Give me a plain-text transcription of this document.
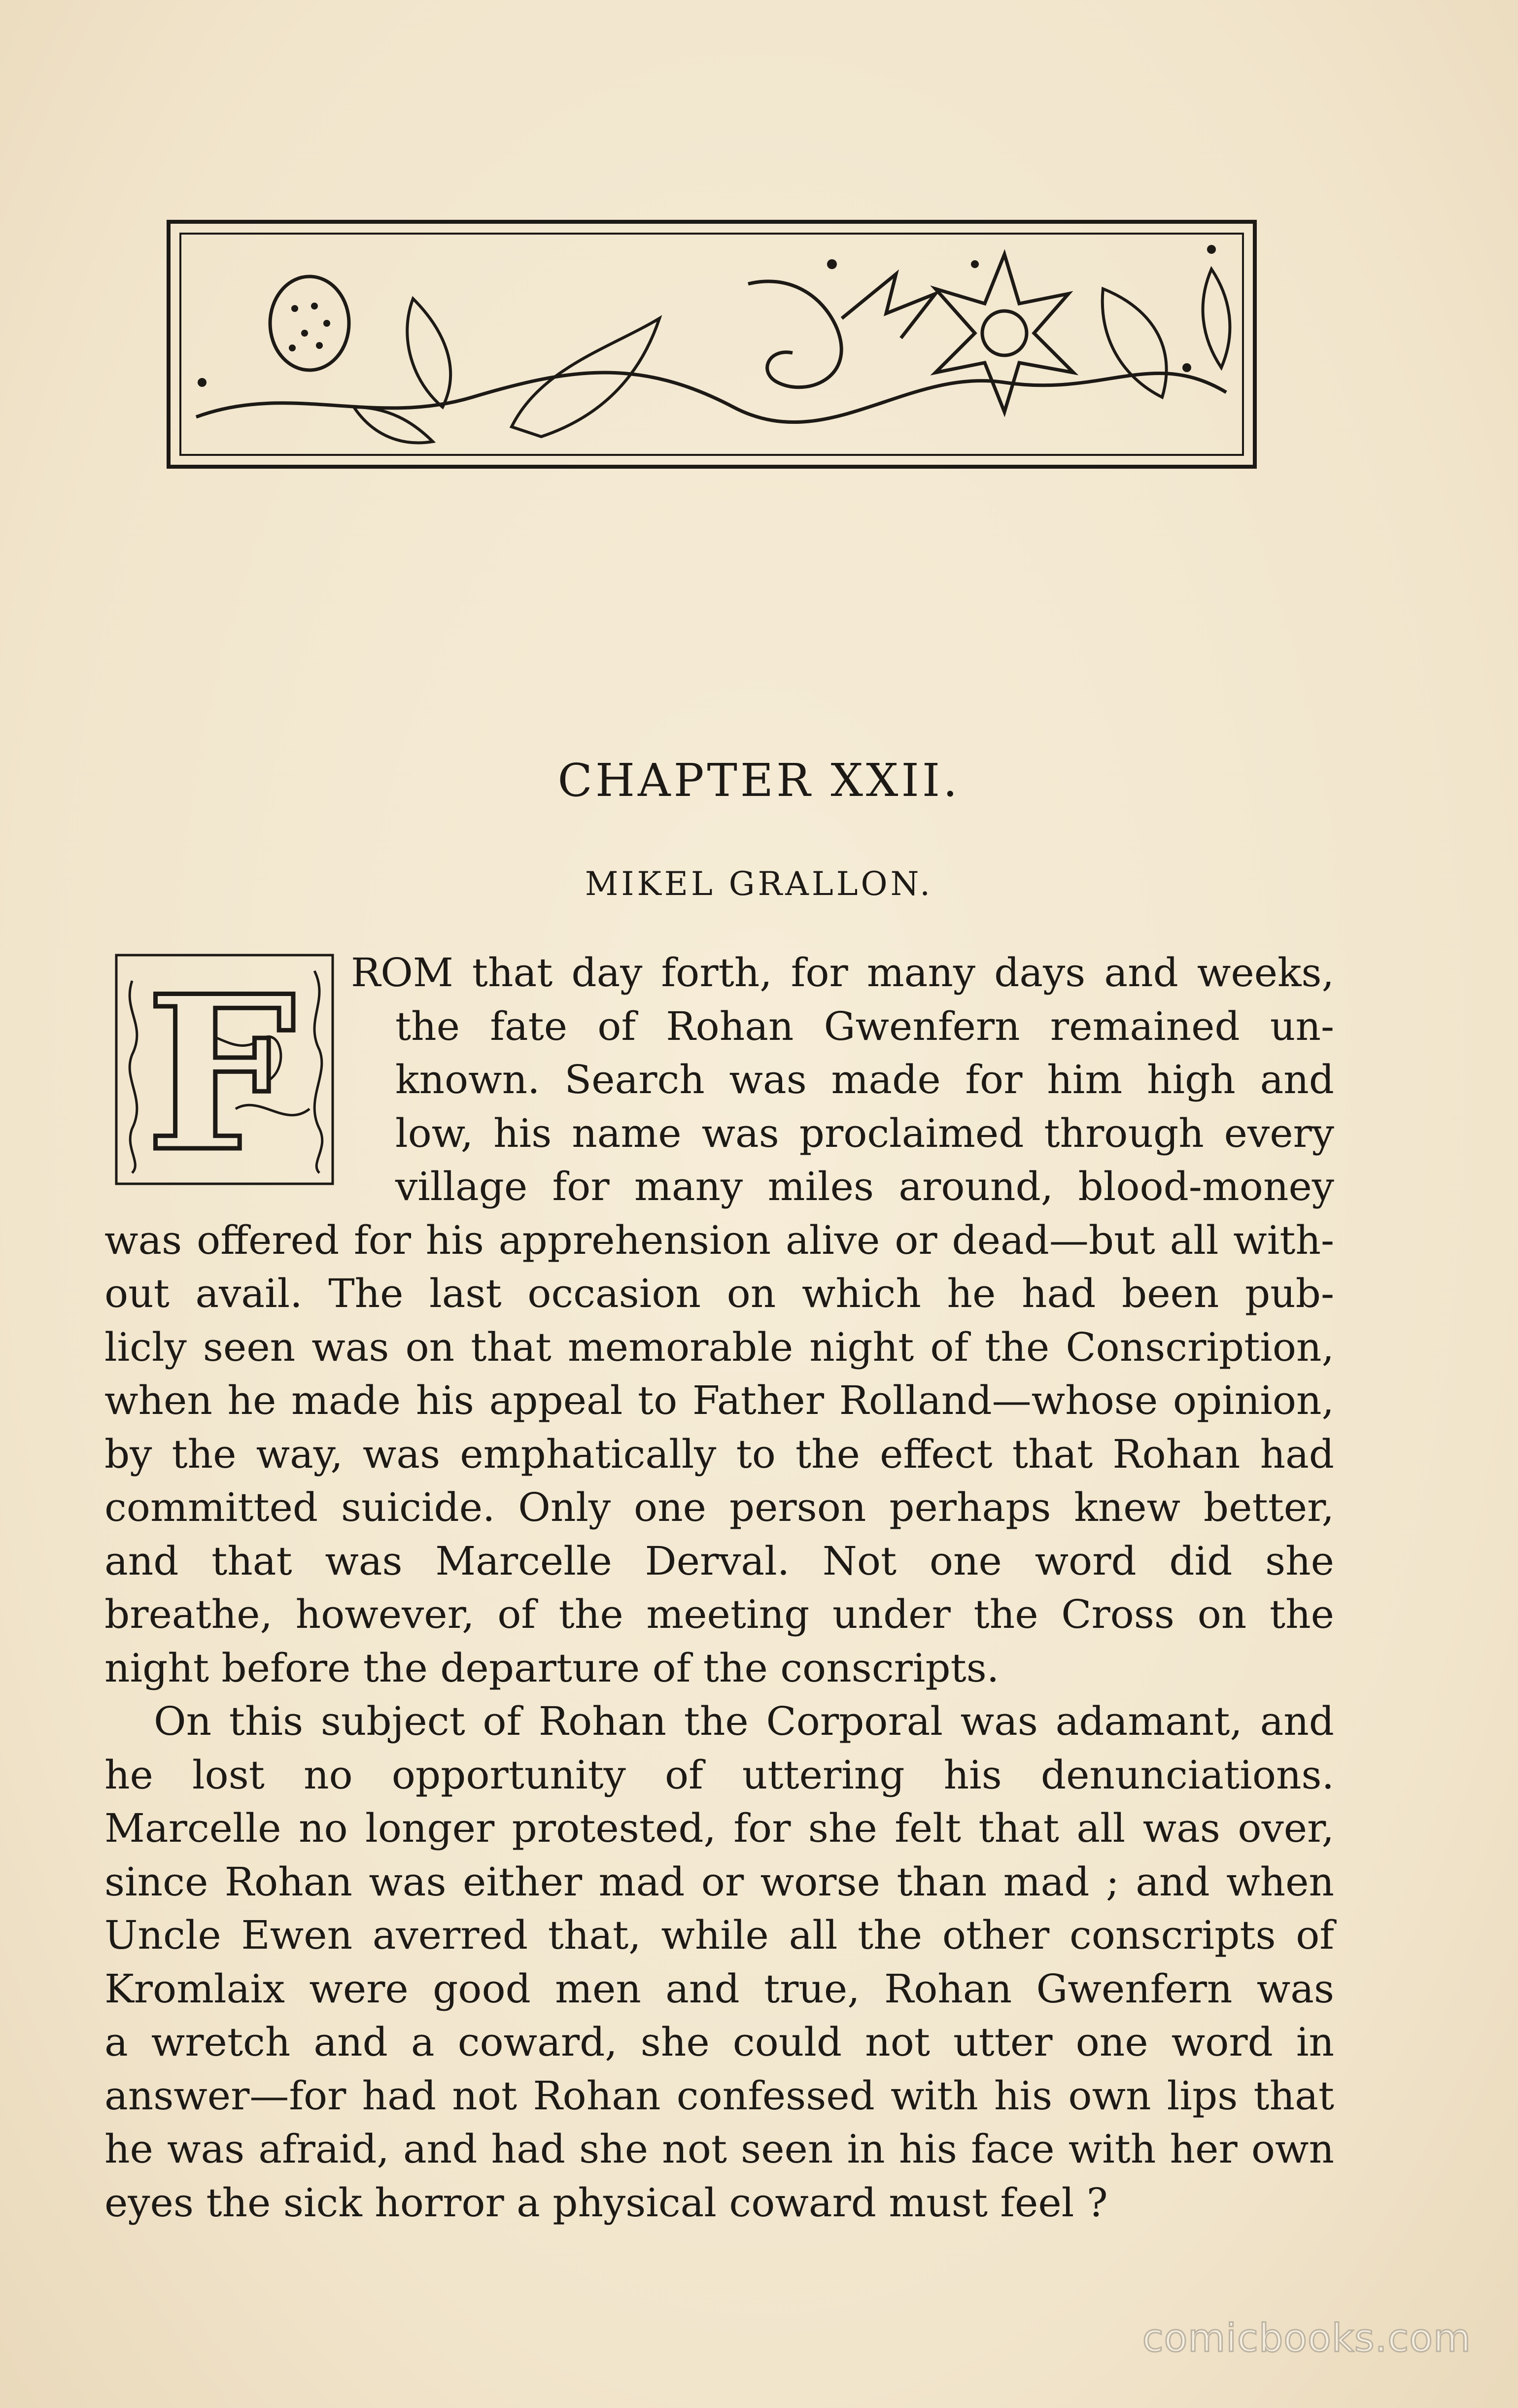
CHAPTER XXII.
MIKEL GRALLON.
F	ROM that day forth, for many days and weeks,
the fate of Rohan Gwenfern remained un-
known. Search was made for him high and
low, his name was proclaimed through every
village for many miles around, blood-money
was offered for his apprehension alive or dead—but all with-
out avail. The last occasion on which he had been pub-
licly seen was on that memorable night of the Conscription,
when he made his appeal to Father Rolland—whose opinion,
by the way, was emphatically to the effect that Rohan had
committed suicide. Only one person perhaps knew better,
and that was Marcelle Derval. Not one word did she
breathe, however, of the meeting under the Cross on the
night before the departure of the conscripts.
On this subject of Rohan the Corporal was adamant, and
he lost no opportunity of uttering his denunciations.
Marcelle no longer protested, for she felt that all was over,
since Rohan was either mad or worse than mad ; and when
Uncle Ewen averred that, while all the other conscripts of
Kromlaix were good men and true, Rohan Gwenfern was
a wretch and a coward, she could not utter one word in
answer—for had not Rohan confessed with his own lips that
he was afraid, and had she not seen in his face with her own
eyes the sick horror a physical coward must feel ?
comicbooks.com
